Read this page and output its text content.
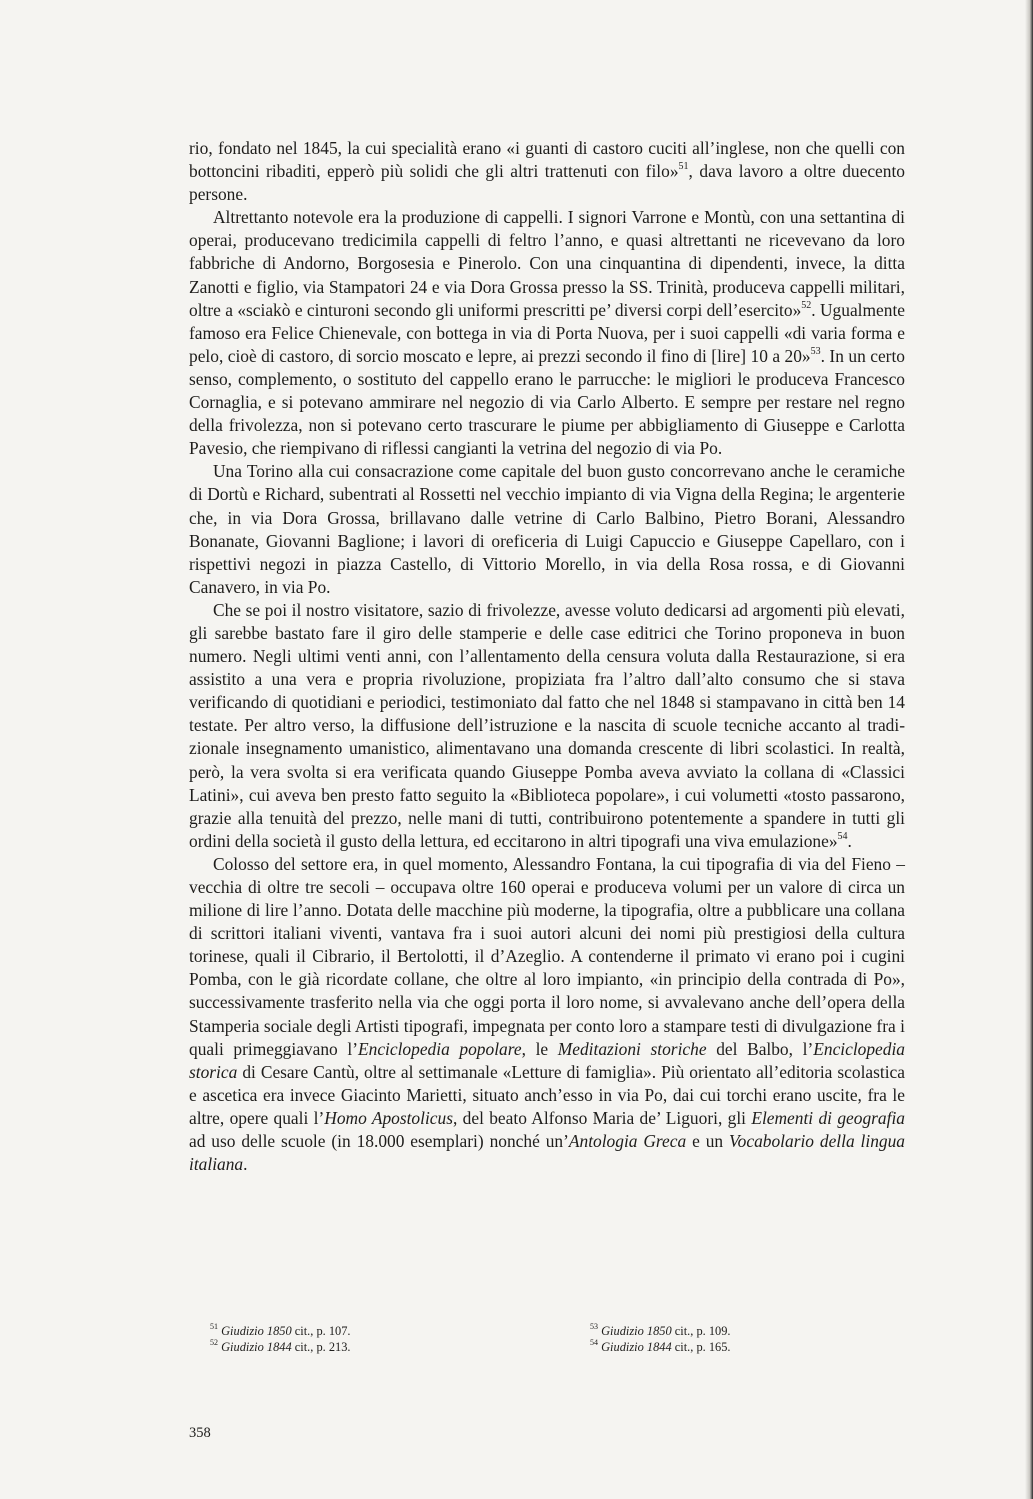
rio, fondato nel 1845, la cui specialità erano «i guanti di castoro cuciti all’inglese, non che quelli con bottoncini ribaditi, epperò più solidi che gli altri trattenuti con filo»$^{51}$, dava lavoro a oltre duecento persone.

Altrettanto notevole era la produzione di cappelli. I signori Varrone e Montù, con una settantina di operai, producevano tredicimila cappelli di feltro l’anno, e quasi altrettanti ne ricevevano da loro fabbriche di Andorno, Borgosesia e Pinerolo. Con una cinquantina di dipendenti, invece, la ditta Zanotti e figlio, via Stampatori 24 e via Dora Grossa presso la SS. Trinità, produceva cappelli militari, oltre a «sciakò e cinturoni secondo gli uniformi prescritti pe’ diversi corpi dell’esercito»$^{52}$. Ugualmente famoso era Felice Chienevale, con bottega in via di Porta Nuova, per i suoi cappelli «di varia forma e pelo, cioè di castoro, di sorcio moscato e lepre, ai prezzi secondo il fino di [lire] 10 a 20»$^{53}$. In un certo senso, complemento, o sostituto del cappello erano le parrucche: le migliori le produceva Francesco Cornaglia, e si potevano ammirare nel negozio di via Carlo Alberto. E sempre per restare nel regno della frivolezza, non si potevano certo trascurare le piume per abbigliamento di Giuseppe e Carlotta Pavesio, che riempivano di riflessi cangianti la vetrina del negozio di via Po.

Una Torino alla cui consacrazione come capitale del buon gusto concorrevano anche le ceramiche di Dortù e Richard, subentrati al Rossetti nel vecchio impianto di via Vigna della Regina; le argenterie che, in via Dora Grossa, brillavano dalle vetrine di Carlo Balbino, Pietro Borani, Alessandro Bonanate, Giovanni Baglione; i lavori di oreficeria di Luigi Capuccio e Giuseppe Capellaro, con i rispettivi negozi in piazza Castello, di Vittorio Morello, in via della Rosa rossa, e di Giovanni Canavero, in via Po.

Che se poi il nostro visitatore, sazio di frivolezze, avesse voluto dedicarsi ad argomenti più elevati, gli sarebbe bastato fare il giro delle stamperie e delle case editrici che Torino proponeva in buon numero. Negli ultimi venti anni, con l’allentamento della censura voluta dalla Restaurazione, si era assistito a una vera e propria rivoluzione, propiziata fra l’altro dall’alto consumo che si stava verificando di quotidiani e periodici, testimoniato dal fatto che nel 1848 si stampavano in città ben 14 testate. Per altro verso, la diffusione dell’istruzione e la nascita di scuole tecniche accanto al tradizionale insegnamento umanistico, alimentavano una domanda crescente di libri scolastici. In realtà, però, la vera svolta si era verificata quando Giuseppe Pomba aveva avviato la collana di «Classici Latini», cui aveva ben presto fatto seguito la «Biblioteca popolare», i cui volumetti «tosto passarono, grazie alla tenuità del prezzo, nelle mani di tutti, contribuirono potentemente a spandere in tutti gli ordini della società il gusto della lettura, ed eccitarono in altri tipografi una viva emulazione»$^{54}$.

Colosso del settore era, in quel momento, Alessandro Fontana, la cui tipografia di via del Fieno – vecchia di oltre tre secoli – occupava oltre 160 operai e produceva volumi per un valore di circa un milione di lire l’anno. Dotata delle macchine più moderne, la tipografia, oltre a pubblicare una collana di scrittori italiani viventi, vantava fra i suoi autori alcuni dei nomi più prestigiosi della cultura torinese, quali il Cibrario, il Bertolotti, il d’Azeglio. A contenderne il primato vi erano poi i cugini Pomba, con le già ricordate collane, che oltre al loro impianto, «in principio della contrada di Po», successivamente trasferito nella via che oggi porta il loro nome, si avvalevano anche dell’opera della Stamperia sociale degli Artisti tipografi, impegnata per conto loro a stampare testi di divulgazione fra i quali primeggiavano l’Enciclopedia popolare, le Meditazioni storiche del Balbo, l’Enciclopedia storica di Cesare Cantù, oltre al settimanale «Letture di famiglia». Più orientato all’editoria scolastica e ascetica era invece Giacinto Marietti, situato anch’esso in via Po, dai cui torchi erano uscite, fra le altre, opere quali l’Homo Apostolicus, del beato Alfonso Maria de’ Liguori, gli Elementi di geografia ad uso delle scuole (in 18.000 esemplari) nonché un’Antologia Greca e un Vocabolario della lingua italiana.

$^{51}$ Giudizio 1850 cit., p. 107.
$^{52}$ Giudizio 1844 cit., p. 213.
$^{53}$ Giudizio 1850 cit., p. 109.
$^{54}$ Giudizio 1844 cit., p. 165.
358
